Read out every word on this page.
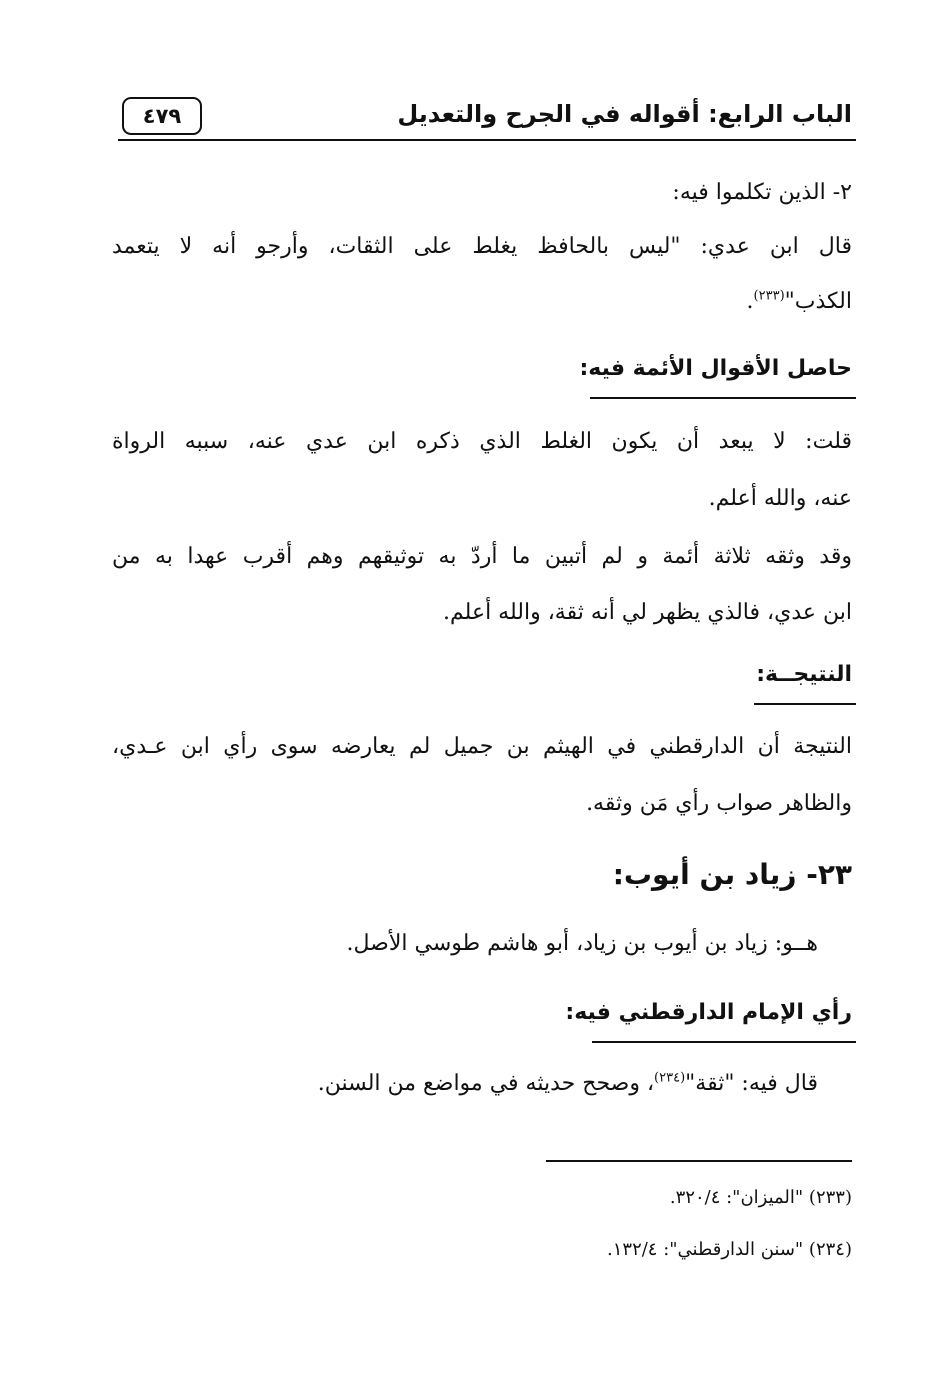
الباب الرابع: أقواله في الجرح والتعديل
٤٧٩
٢- الذين تكلموا فيه:
قال ابن عدي: "ليس بالحافظ يغلط على الثقات، وأرجو أنه لا يتعمد
الكذب"$^{(٢٣٣)}$.
حاصل الأقوال الأئمة فيه:
قلت: لا يبعد أن يكون الغلط الذي ذكره ابن عدي عنه، سببه الرواة
عنه، والله أعلم.
وقد وثقه ثلاثة أئمة و لم أتبين ما أردّ به توثيقهم وهم أقرب عهدا به من
ابن عدي، فالذي يظهر لي أنه ثقة، والله أعلم.
النتيجــة:
النتيجة أن الدارقطني في الهيثم بن جميل لم يعارضه سوى رأي ابن عـدي،
والظاهر صواب رأي مَن وثقه.
٢٣- زياد بن أيوب:
هــو: زياد بن أيوب بن زياد، أبو هاشم طوسي الأصل.
رأي الإمام الدارقطني فيه:
قال فيه: "ثقة"$^{(٢٣٤)}$، وصحح حديثه في مواضع من السنن.
(٢٣٣) "الميزان": ٣٢٠/٤.
(٢٣٤) "سنن الدارقطني": ١٣٢/٤.
